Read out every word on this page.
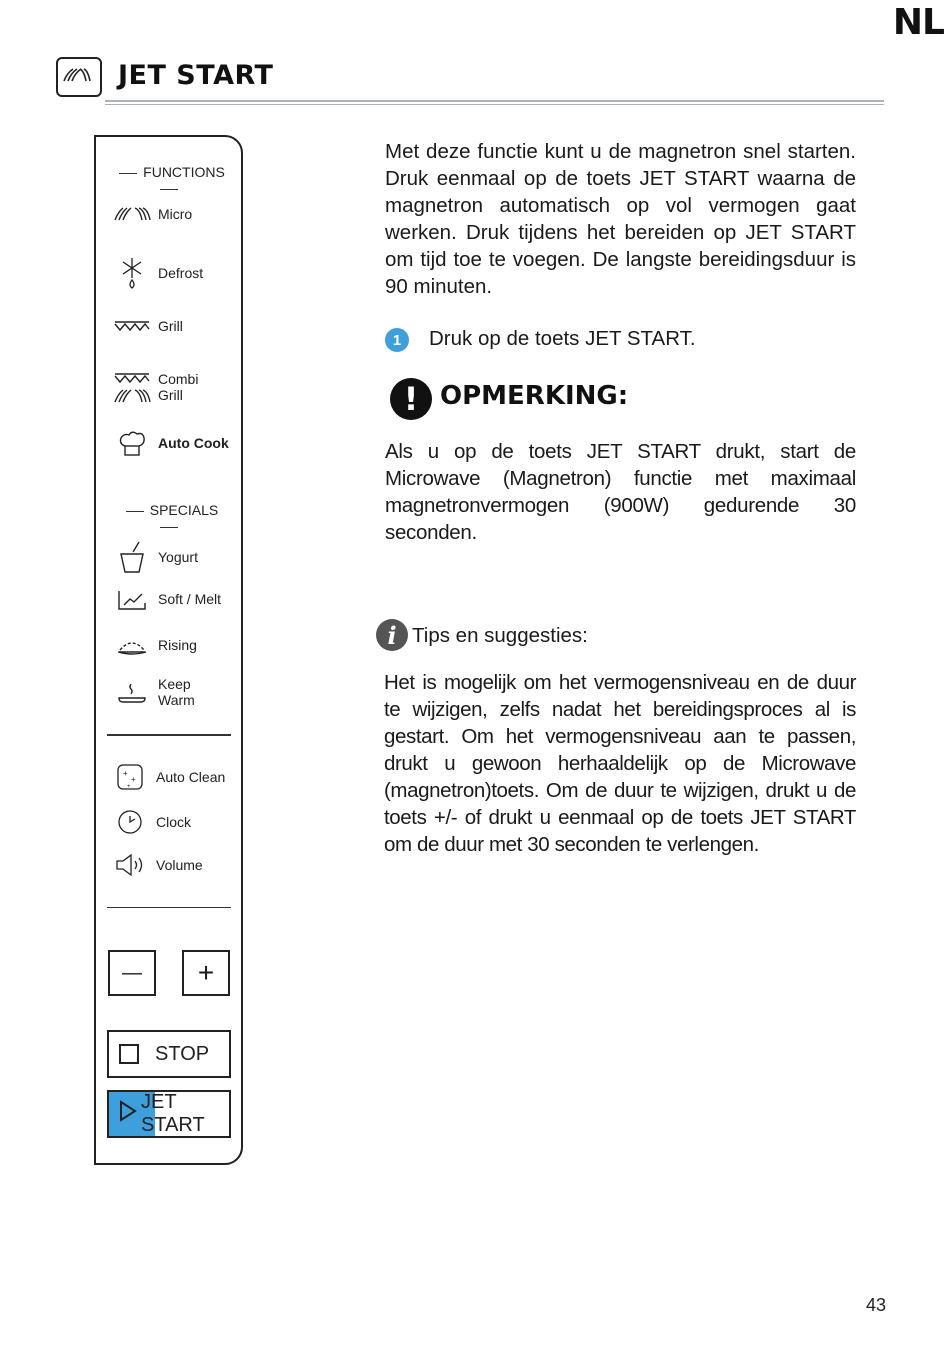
NL
JET START
FUNCTIONS
Micro
Defrost
Grill
Combi
Grill
Auto Cook
SPECIALS
Yogurt
Soft / Melt
Rising
Keep
Warm
+
+
+
Auto Clean
Clock
Volume
— +
STOP
JET START
Met deze functie kunt u de magnetron snel starten. Druk eenmaal op de toets JET START waarna de magnetron automatisch op vol vermogen gaat werken. Druk tijdens het bereiden op JET START om tijd toe te voegen. De langste bereidingsduur is 90 minuten.
1	Druk op de toets JET START.
! OPMERKING:
Als u op de toets JET START drukt, start de Microwave (Magnetron) functie met maximaal magnetronvermogen (900W) gedurende 30 seconden.
i Tips en suggesties:
Het is mogelijk om het vermogensniveau en de duur te wijzigen, zelfs nadat het bereidingsproces al is gestart. Om het vermogensniveau aan te passen, drukt u gewoon herhaaldelijk op de Microwave (magnetron)toets. Om de duur te wijzigen, drukt u de toets +/- of drukt u eenmaal op de toets JET START om de duur met 30 seconden te verlengen.
43
